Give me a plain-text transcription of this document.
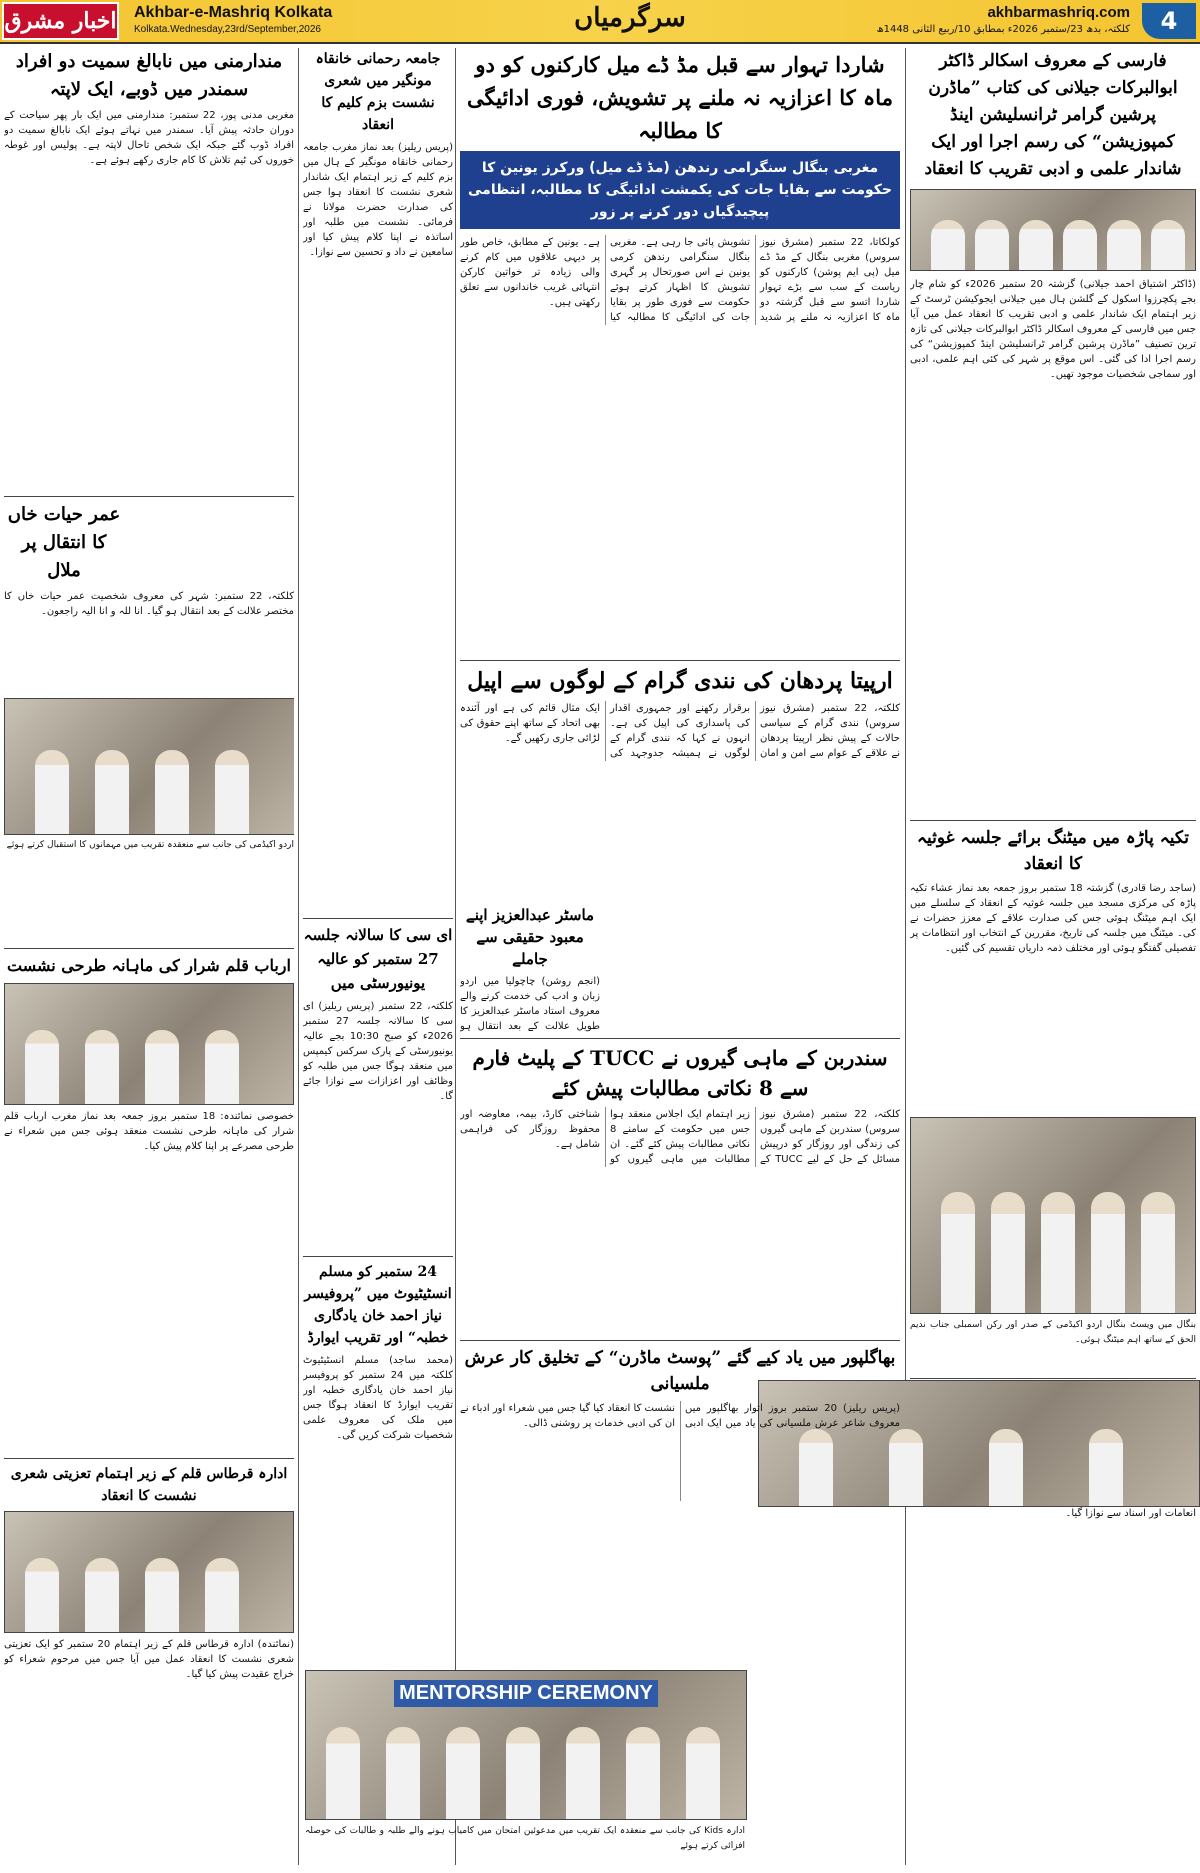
اخبار مشرق Akhbar-e-Mashriq Kolkata
Kolkata.Wednesday,23rd/September,2026	سرگرمیاں	akhbarmashriq.com
کلکتہ، بدھ 23/ستمبر 2026ء بمطابق 10/ربیع الثانی 1448ھ	4
فارسی کے معروف اسکالر ڈاکٹر ابوالبرکات جیلانی کی کتاب ”ماڈرن پرشین گرامر ٹرانسلیشن اینڈ کمپوزیشن“ کی رسم اجرا اور ایک شاندار علمی و ادبی تقریب کا انعقاد

(ڈاکٹر اشتیاق احمد جیلانی) گزشتہ 20 ستمبر 2026ء کو شام چار بجے پکچرزوا اسکول کے گلشن ہال میں جیلانی ایجوکیشن ٹرسٹ کے زیر اہتمام ایک شاندار علمی و ادبی تقریب کا انعقاد عمل میں آیا جس میں فارسی کے معروف اسکالر ڈاکٹر ابوالبرکات جیلانی کی تازہ ترین تصنیف ”ماڈرن پرشین گرامر ٹرانسلیشن اینڈ کمپوزیشن“ کی رسم اجرا ادا کی گئی۔ اس موقع پر شہر کی کئی اہم علمی، ادبی اور سماجی شخصیات موجود تھیں۔

تکیہ پاڑہ میں میٹنگ برائے جلسہ غوثیہ کا انعقاد

(ساجد رضا قادری) گزشتہ 18 ستمبر بروز جمعہ بعد نماز عشاء تکیہ پاڑہ کی مرکزی مسجد میں جلسہ غوثیہ کے انعقاد کے سلسلے میں ایک اہم میٹنگ ہوئی جس کی صدارت علاقے کے معزز حضرات نے کی۔ میٹنگ میں جلسہ کی تاریخ، مقررین کے انتخاب اور انتظامات پر تفصیلی گفتگو ہوئی اور مختلف ذمہ داریاں تقسیم کی گئیں۔

بنگال میں ویسٹ بنگال اردو اکیڈمی کے صدر اور رکن اسمبلی جناب ندیم الحق کے ساتھ اہم میٹنگ ہوئی۔

انعامات اور اسناد سے نوازا گیا۔

شاردا تہوار سے قبل مڈ ڈے میل کارکنوں کو دو ماہ کا اعزازیہ نہ ملنے پر تشویش، فوری ادائیگی کا مطالبہ
مغربی بنگال سنگرامی رندھن (مڈ ڈے میل) ورکرز یونین کا حکومت سے بقایا جات کی یکمشت ادائیگی کا مطالبہ، انتظامی پیچیدگیاں دور کرنے پر زور

کولکاتا، 22 ستمبر (مشرق نیوز سروس) مغربی بنگال کے مڈ ڈے میل (پی ایم پوشن) کارکنوں کو ریاست کے سب سے بڑے تہوار شاردا اتسو سے قبل گزشتہ دو ماہ کا اعزازیہ نہ ملنے پر شدید تشویش پائی جا رہی ہے۔ مغربی بنگال سنگرامی رندھن کرمی یونین نے اس صورتحال پر گہری تشویش کا اظہار کرتے ہوئے حکومت سے فوری طور پر بقایا جات کی ادائیگی کا مطالبہ کیا ہے۔ یونین کے مطابق، خاص طور پر دیہی علاقوں میں کام کرنے والی زیادہ تر خواتین کارکن انتہائی غریب خاندانوں سے تعلق رکھتی ہیں۔

ارپیتا پردھان کی نندی گرام کے لوگوں سے اپیل

کلکتہ، 22 ستمبر (مشرق نیوز سروس) نندی گرام کے سیاسی حالات کے پیش نظر ارپیتا پردھان نے علاقے کے عوام سے امن و امان برقرار رکھنے اور جمہوری اقدار کی پاسداری کی اپیل کی ہے۔ انہوں نے کہا کہ نندی گرام کے لوگوں نے ہمیشہ جدوجہد کی ایک مثال قائم کی ہے اور آئندہ بھی اتحاد کے ساتھ اپنے حقوق کی لڑائی جاری رکھیں گے۔

ماسٹر عبدالعزیز اپنے معبود حقیقی سے جاملے

(انجم روشن) چاچولیا میں اردو زبان و ادب کی خدمت کرنے والے معروف استاد ماسٹر عبدالعزیز کا طویل علالت کے بعد انتقال ہو

سندربن کے ماہی گیروں نے TUCC کے پلیٹ فارم سے 8 نکاتی مطالبات پیش کئے

کلکتہ، 22 ستمبر (مشرق نیوز سروس) سندربن کے ماہی گیروں کی زندگی اور روزگار کو درپیش مسائل کے حل کے لیے TUCC کے زیر اہتمام ایک اجلاس منعقد ہوا جس میں حکومت کے سامنے 8 نکاتی مطالبات پیش کئے گئے۔ ان مطالبات میں ماہی گیروں کو شناختی کارڈ، بیمہ، معاوضہ اور محفوظ روزگار کی فراہمی شامل ہے۔

بھاگلپور میں یاد کیے گئے ”پوسٹ ماڈرن“ کے تخلیق کار عرش ملسیانی

(پریس ریلیز) 20 ستمبر بروز اتوار بھاگلپور میں معروف شاعر عرش ملسیانی کی یاد میں ایک ادبی نشست کا انعقاد کیا گیا جس میں شعراء اور ادباء نے ان کی ادبی خدمات پر روشنی ڈالی۔

MENTORSHIP CEREMONY

ادارہ Kids کی جانب سے منعقدہ ایک تقریب میں مدعوئین امتحان میں کامیاب ہونے والے طلبہ و طالبات کی حوصلہ افزائی کرتے ہوئے

جامعہ رحمانی خانقاہ مونگیر میں شعری نشست بزم کلیم کا انعقاد

(پریس ریلیز) بعد نماز مغرب جامعہ رحمانی خانقاہ مونگیر کے ہال میں بزم کلیم کے زیر اہتمام ایک شاندار شعری نشست کا انعقاد ہوا جس کی صدارت حضرت مولانا نے فرمائی۔ نشست میں طلبہ اور اساتذہ نے اپنا کلام پیش کیا اور سامعین نے داد و تحسین سے نوازا۔

ای سی کا سالانہ جلسہ 27 ستمبر کو عالیہ یونیورسٹی میں

کلکتہ، 22 ستمبر (پریس ریلیز) ای سی کا سالانہ جلسہ 27 ستمبر 2026ء کو صبح 10:30 بجے عالیہ یونیورسٹی کے پارک سرکس کیمپس میں منعقد ہوگا جس میں طلبہ کو وظائف اور اعزازات سے نوازا جائے گا۔

24 ستمبر کو مسلم انسٹیٹیوٹ میں ”پروفیسر نیاز احمد خان یادگاری خطبہ“ اور تقریب ایوارڈ

(محمد ساجد) مسلم انسٹیٹیوٹ کلکتہ میں 24 ستمبر کو پروفیسر نیاز احمد خان یادگاری خطبہ اور تقریب ایوارڈ کا انعقاد ہوگا جس میں ملک کی معروف علمی شخصیات شرکت کریں گی۔

مندارمنی میں نابالغ سمیت دو افراد سمندر میں ڈوبے، ایک لاپتہ

مغربی مدنی پور، 22 ستمبر: مندارمنی میں ایک بار پھر سیاحت کے دوران حادثہ پیش آیا۔ سمندر میں نہاتے ہوئے ایک نابالغ سمیت دو افراد ڈوب گئے جبکہ ایک شخص تاحال لاپتہ ہے۔ پولیس اور غوطہ خوروں کی ٹیم تلاش کا کام جاری رکھے ہوئے ہے۔

عمر حیات خاں کا انتقال پر ملال

کلکتہ، 22 ستمبر: شہر کی معروف شخصیت عمر حیات خاں کا مختصر علالت کے بعد انتقال ہو گیا۔ انا للہ و انا الیہ راجعون۔

اردو اکیڈمی کی جانب سے منعقدہ تقریب میں مہمانوں کا استقبال کرتے ہوئے

ارباب قلم شرار کی ماہانہ طرحی نشست

خصوصی نمائندہ: 18 ستمبر بروز جمعہ بعد نماز مغرب ارباب قلم شرار کی ماہانہ طرحی نشست منعقد ہوئی جس میں شعراء نے طرحی مصرعے پر اپنا کلام پیش کیا۔

ادارہ قرطاس قلم کے زیر اہتمام تعزیتی شعری نشست کا انعقاد

(نمائندہ) ادارہ قرطاس قلم کے زیر اہتمام 20 ستمبر کو ایک تعزیتی شعری نشست کا انعقاد عمل میں آیا جس میں مرحوم شعراء کو خراج عقیدت پیش کیا گیا۔
